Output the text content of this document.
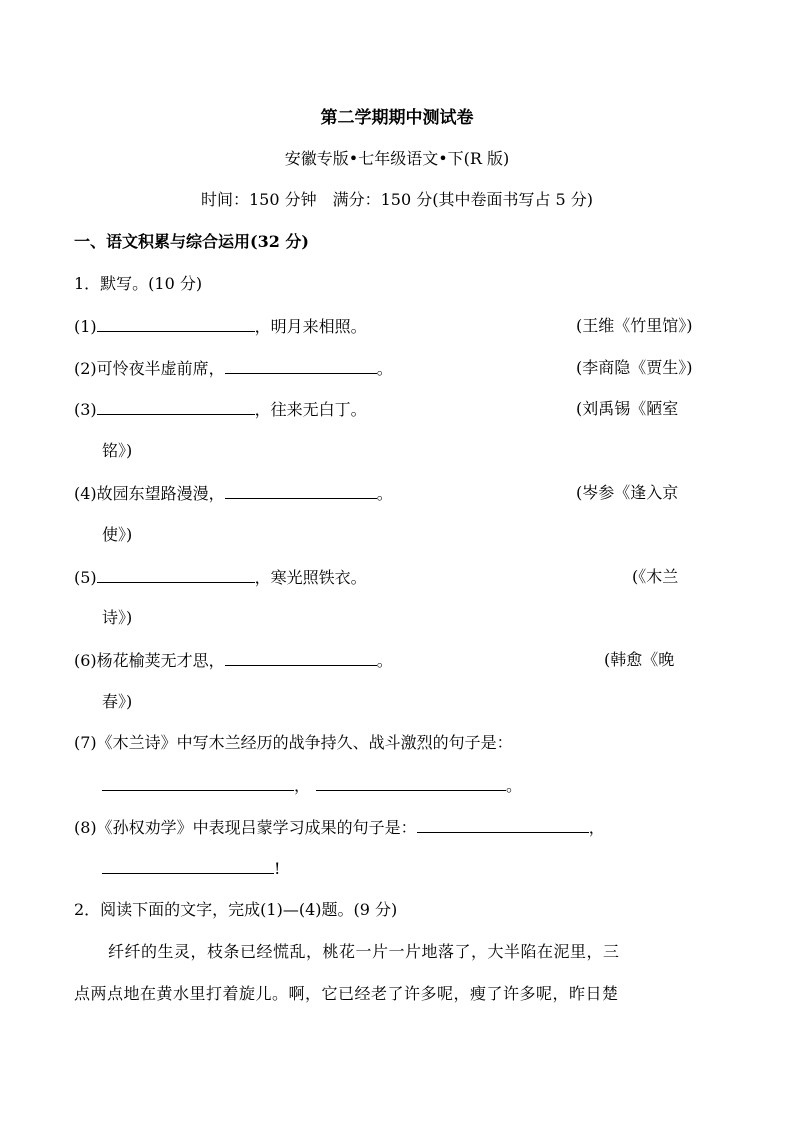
第二学期期中测试卷
安徽专版•七年级语文•下(R 版)
时间：150 分钟　满分：150 分(其中卷面书写占 5 分)
一、语文积累与综合运用(32 分)
1．默写。(10 分)
(1)	，明月来相照。	(王维《竹里馆》)
(2)可怜夜半虚前席，	。	(李商隐《贾生》)
(3)	，往来无白丁。	(刘禹锡《陋室
铭》)
(4)故园东望路漫漫，	。	(岑参《逢入京
使》)
(5)	，寒光照铁衣。	(《木兰
诗》)
(6)杨花榆荚无才思，	。	(韩愈《晚
春》)
(7)《木兰诗》中写木兰经历的战争持久、战斗激烈的句子是：
，	。
(8)《孙权劝学》中表现吕蒙学习成果的句子是：	，
!
2．阅读下面的文字，完成(1)—(4)题。(9 分)
纤纤的生灵，枝条已经慌乱，桃花一片一片地落了，大半陷在泥里，三
点两点地在黄水里打着旋儿。啊，它已经老了许多呢，瘦了许多呢，昨日楚
